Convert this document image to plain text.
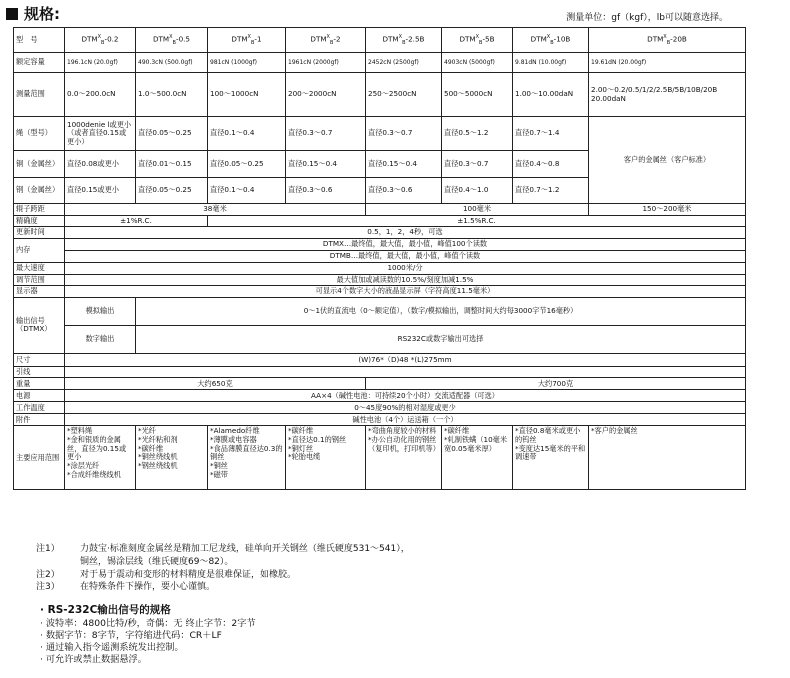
规格:	测量单位：gf（kgf），lb可以随意选择。
型　号	$DTM^X_B-0.2$	$DTM^X_B-0.5$	$DTM^X_B-1$	$DTM^X_B-2$	$DTM^X_B-2.5B$	$DTM^X_B-5B$	$DTM^X_B-10B$	$DTM^X_B-20B$
额定容量	196.1cN (20.0gf)	490.3cN (500.0gf)	981cN (1000gf)	1961cN (2000gf)	2452cN (2500gf)	4903cN (5000gf)	9.81dN (10.00gf)	19.61dN (20.00gf)
测量范围	0.0～200.0cN	1.0～500.0cN	100～1000cN	200～2000cN	250～2500cN	500～5000cN	1.00～10.00daN	2.00～0.2/0.5/1/2/2.5B/5B/10B/20B 20.00daN
绳（型号）	1000denie l或更小（或者直径0.15或更小）	直径0.05～0.25	直径0.1～0.4	直径0.3～0.7	直径0.3～0.7	直径0.5～1.2	直径0.7～1.4	客户的金属丝（客户标准）
铜（金属丝）	直径0.08或更小	直径0.01～0.15	直径0.05～0.25	直径0.15～0.4	直径0.15～0.4	直径0.3～0.7	直径0.4～0.8	
钢（金属丝）	直径0.15或更小	直径0.05～0.25	直径0.1～0.4	直径0.3～0.6	直径0.3～0.6	直径0.4～1.0	直径0.7～1.2	
辊子跨距	38毫米				100毫米			150～200毫米
精确度	±1%R.C.		±1.5%R.C.					
更新时间	0.5，1，2，4秒，可选							
内存	DTMX…最终值，最大值，最小值，峰值100个读数							
	DTMB…最终值，最大值，最小值，峰值个读数							
最大速度	1000米/分							
调节范围	最大值加或减读数的10.5%/刻度加减1.5%							
显示器	可显示4个数字大小的液晶显示屏（字符高度11.5毫米）							
输出信号（DTMX）	模拟输出	0～1伏的直流电（0～额定值），（数字/模拟输出，调整时间大约每3000字节16毫秒）						
	数字输出	RS232C或数字输出可选择						
尺寸	(W)76*（D)48 *(L)275mm							
引线								
重量	大约650克				大约700克			
电源	AA×4（碱性电池：可持续20个小时）交流适配器（可选）							
工作温度	0～45度90%的相对湿度或更少							
附件	碱性电池（4个）运送箱（一个）							
主要应用范围	*塑料绳
*金和银质的金属丝，直径为0.15或更小
*涂层光纤
*合成纤维绕线机	*光纤
*光纤粘和剂
*碳纤维
*铜丝绕线机
*钢丝绕线机	*Alamedo纤维
*薄膜或电容器
*食品薄膜直径达0.3的铜丝
*铜丝
*磁带	*碳纤维
*直径达0.1的钢丝
*铜灯丝
*轮胎电缆	*弯曲角度较小的材料
*办公自动化用的钢丝（复印机，打印机等）	*碳纤维
*轧制铁螨（10毫米宽0.05毫米厚）	*直径0.8毫米或更小的钨丝
*变度达15毫米的平和调速带	*客户的金属丝
注1）	力鼓宝·标准刻度金属丝是精加工尼龙线，硅单向开关钢丝（维氏硬度531～541），
铜丝，锡涂层线（维氏硬度69～82）。
注2）	对于易于震动和变形的材料精度是很难保证，如橡胶。
注3）	在特殊条件下操作，要小心谨慎。
· RS-232C输出信号的规格
· 波特率：4800比特/秒，奇偶：无 终止字节：2字节
· 数据字节：8字节，字符缩进代码：CR＋LF
· 通过输入指令遥测系统发出控制。
· 可允许或禁止数据悬浮。
